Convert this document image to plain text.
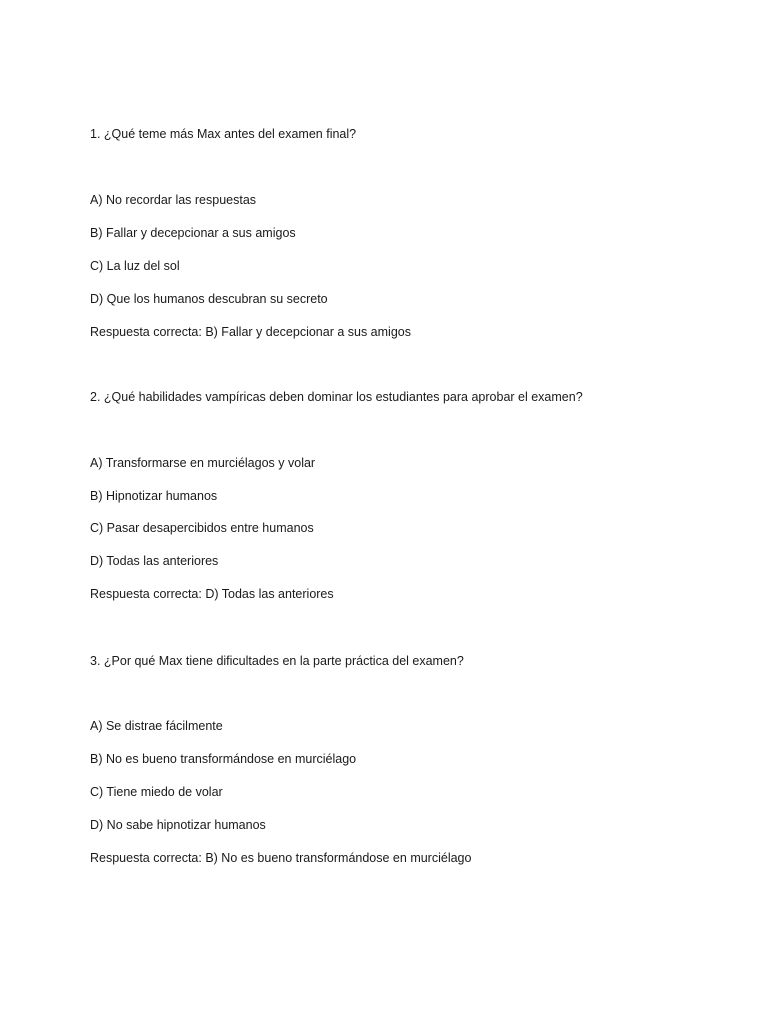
1. ¿Qué teme más Max antes del examen final?
A) No recordar las respuestas
B) Fallar y decepcionar a sus amigos
C) La luz del sol
D) Que los humanos descubran su secreto
Respuesta correcta: B) Fallar y decepcionar a sus amigos
2. ¿Qué habilidades vampíricas deben dominar los estudiantes para aprobar el examen?
A) Transformarse en murciélagos y volar
B) Hipnotizar humanos
C) Pasar desapercibidos entre humanos
D) Todas las anteriores
Respuesta correcta: D) Todas las anteriores
3. ¿Por qué Max tiene dificultades en la parte práctica del examen?
A) Se distrae fácilmente
B) No es bueno transformándose en murciélago
C) Tiene miedo de volar
D) No sabe hipnotizar humanos
Respuesta correcta: B) No es bueno transformándose en murciélago
